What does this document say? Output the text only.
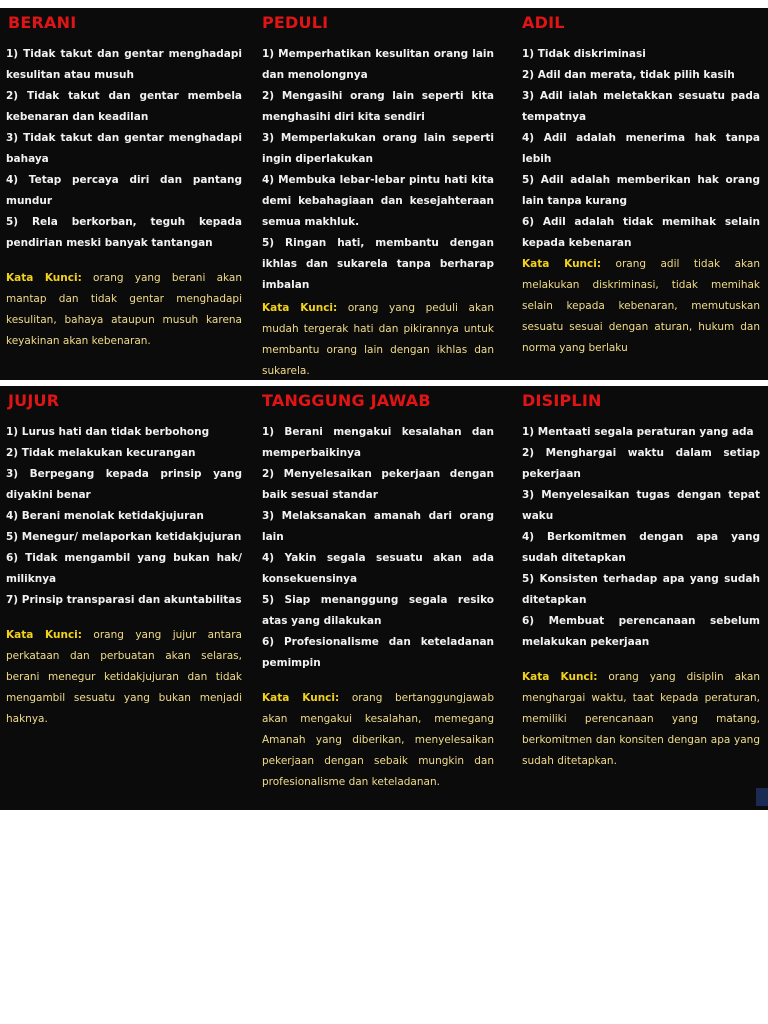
BERANI
1) Tidak takut dan gentar menghadapi kesulitan atau musuh
2) Tidak takut dan gentar membela kebenaran dan keadilan
3) Tidak takut dan gentar menghadapi bahaya
4) Tetap percaya diri dan pantang mundur
5) Rela berkorban, teguh kepada pendirian meski banyak tantangan
Kata Kunci: orang yang berani akan mantap dan tidak gentar menghadapi kesulitan, bahaya ataupun musuh karena keyakinan akan kebenaran.
PEDULI
1) Memperhatikan kesulitan orang lain dan menolongnya
2) Mengasihi orang lain seperti kita menghasihi diri kita sendiri
3) Memperlakukan orang lain seperti ingin diperlakukan
4) Membuka lebar-lebar pintu hati kita demi kebahagiaan dan kesejahteraan semua makhluk.
5) Ringan hati, membantu dengan ikhlas dan sukarela tanpa berharap imbalan
Kata Kunci: orang yang peduli akan mudah tergerak hati dan pikirannya untuk membantu orang lain dengan ikhlas dan sukarela.
ADIL
1) Tidak diskriminasi
2) Adil dan merata, tidak pilih kasih
3) Adil ialah meletakkan sesuatu pada tempatnya
4) Adil adalah menerima hak tanpa lebih
5) Adil adalah memberikan hak orang lain tanpa kurang
6) Adil adalah tidak memihak selain kepada kebenaran
Kata Kunci: orang adil tidak akan melakukan diskriminasi, tidak memihak selain kepada kebenaran, memutuskan sesuatu sesuai dengan aturan, hukum dan norma yang berlaku
JUJUR
1) Lurus hati dan tidak berbohong
2) Tidak melakukan kecurangan
3) Berpegang kepada prinsip yang diyakini benar
4) Berani menolak ketidakjujuran
5) Menegur/ melaporkan ketidakjujuran
6) Tidak mengambil yang bukan hak/ miliknya
7) Prinsip transparasi dan akuntabilitas
Kata Kunci: orang yang jujur antara perkataan dan perbuatan akan selaras, berani menegur ketidakjujuran dan tidak mengambil sesuatu yang bukan menjadi haknya.
TANGGUNG JAWAB
1) Berani mengakui kesalahan dan memperbaikinya
2) Menyelesaikan pekerjaan dengan baik sesuai standar
3) Melaksanakan amanah dari orang lain
4) Yakin segala sesuatu akan ada konsekuensinya
5) Siap menanggung segala resiko atas yang dilakukan
6) Profesionalisme dan keteladanan pemimpin
Kata Kunci: orang bertanggungjawab akan mengakui kesalahan, memegang Amanah yang diberikan, menyelesaikan pekerjaan dengan sebaik mungkin dan profesionalisme dan keteladanan.
DISIPLIN
1) Mentaati segala peraturan yang ada
2) Menghargai waktu dalam setiap pekerjaan
3) Menyelesaikan tugas dengan tepat waku
4) Berkomitmen dengan apa yang sudah ditetapkan
5) Konsisten terhadap apa yang sudah ditetapkan
6) Membuat perencanaan sebelum melakukan pekerjaan
Kata Kunci: orang yang disiplin akan menghargai waktu, taat kepada peraturan, memiliki perencanaan yang matang, berkomitmen dan konsiten dengan apa yang sudah ditetapkan.
